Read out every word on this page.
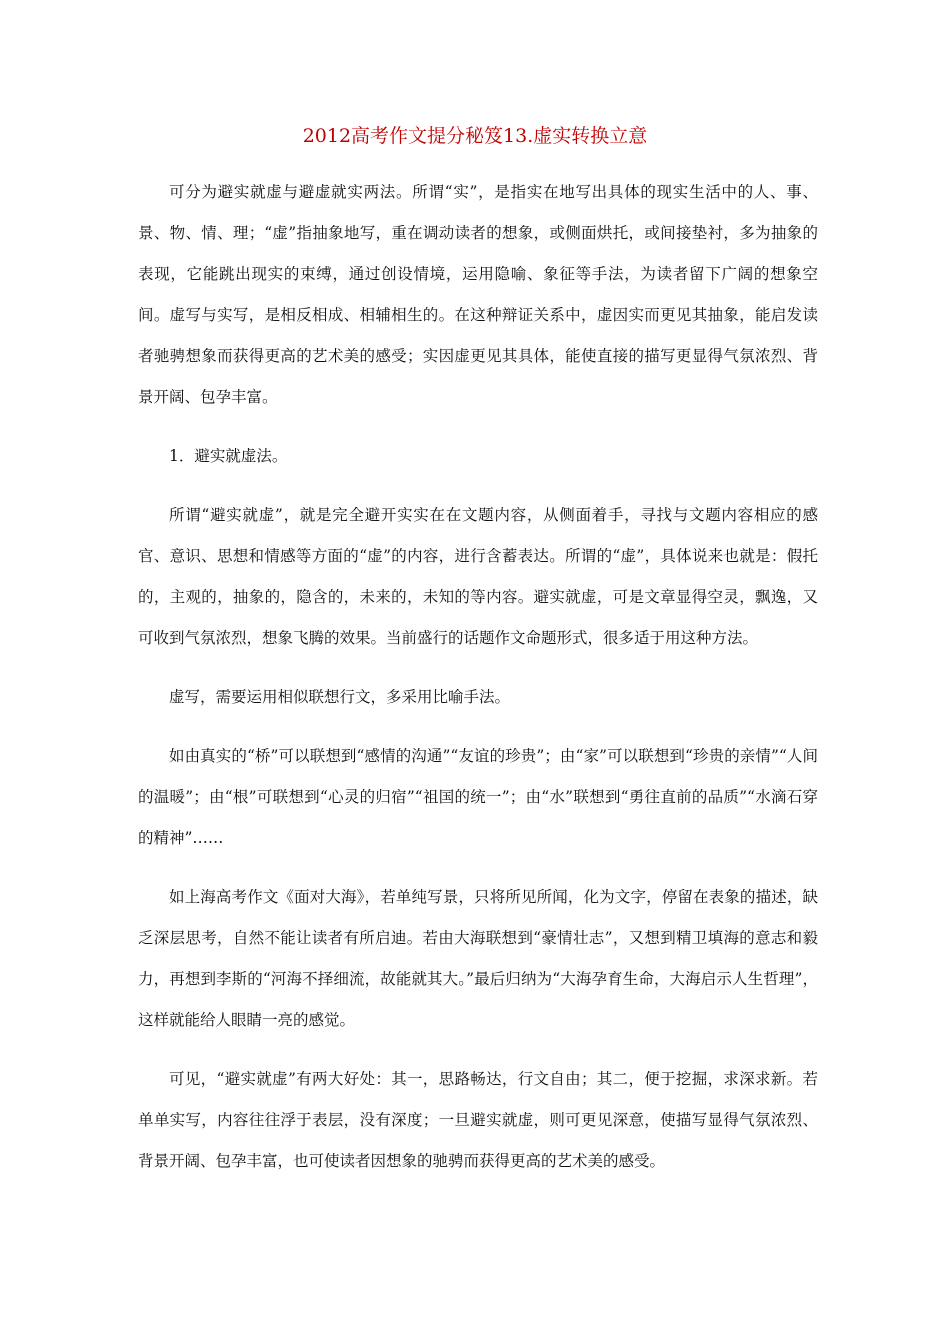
2012高考作文提分秘笈13.虚实转换立意

可分为避实就虚与避虚就实两法。所谓“实”，是指实在地写出具体的现实生活中的人、事、景、物、情、理；“虚”指抽象地写，重在调动读者的想象，或侧面烘托，或间接垫衬，多为抽象的表现，它能跳出现实的束缚，通过创设情境，运用隐喻、象征等手法，为读者留下广阔的想象空间。虚写与实写，是相反相成、相辅相生的。在这种辩证关系中，虚因实而更见其抽象，能启发读者驰骋想象而获得更高的艺术美的感受；实因虚更见其具体，能使直接的描写更显得气氛浓烈、背景开阔、包孕丰富。

1．避实就虚法。

所谓“避实就虚”，就是完全避开实实在在文题内容，从侧面着手，寻找与文题内容相应的感官、意识、思想和情感等方面的“虚”的内容，进行含蓄表达。所谓的“虚”，具体说来也就是：假托的，主观的，抽象的，隐含的，未来的，未知的等内容。避实就虚，可是文章显得空灵，飘逸，又可收到气氛浓烈，想象飞腾的效果。当前盛行的话题作文命题形式，很多适于用这种方法。

虚写，需要运用相似联想行文，多采用比喻手法。

如由真实的“桥”可以联想到“感情的沟通”“友谊的珍贵”；由“家”可以联想到“珍贵的亲情”“人间的温暖”；由“根”可联想到“心灵的归宿”“祖国的统一”；由“水”联想到“勇往直前的品质”“水滴石穿的精神”……

如上海高考作文《面对大海》，若单纯写景，只将所见所闻，化为文字，停留在表象的描述，缺乏深层思考，自然不能让读者有所启迪。若由大海联想到“豪情壮志”，又想到精卫填海的意志和毅力，再想到李斯的“河海不择细流，故能就其大。”最后归纳为“大海孕育生命，大海启示人生哲理”，这样就能给人眼睛一亮的感觉。

可见，“避实就虚”有两大好处：其一，思路畅达，行文自由；其二，便于挖掘，求深求新。若单单实写，内容往往浮于表层，没有深度；一旦避实就虚，则可更见深意，使描写显得气氛浓烈、背景开阔、包孕丰富，也可使读者因想象的驰骋而获得更高的艺术美的感受。
